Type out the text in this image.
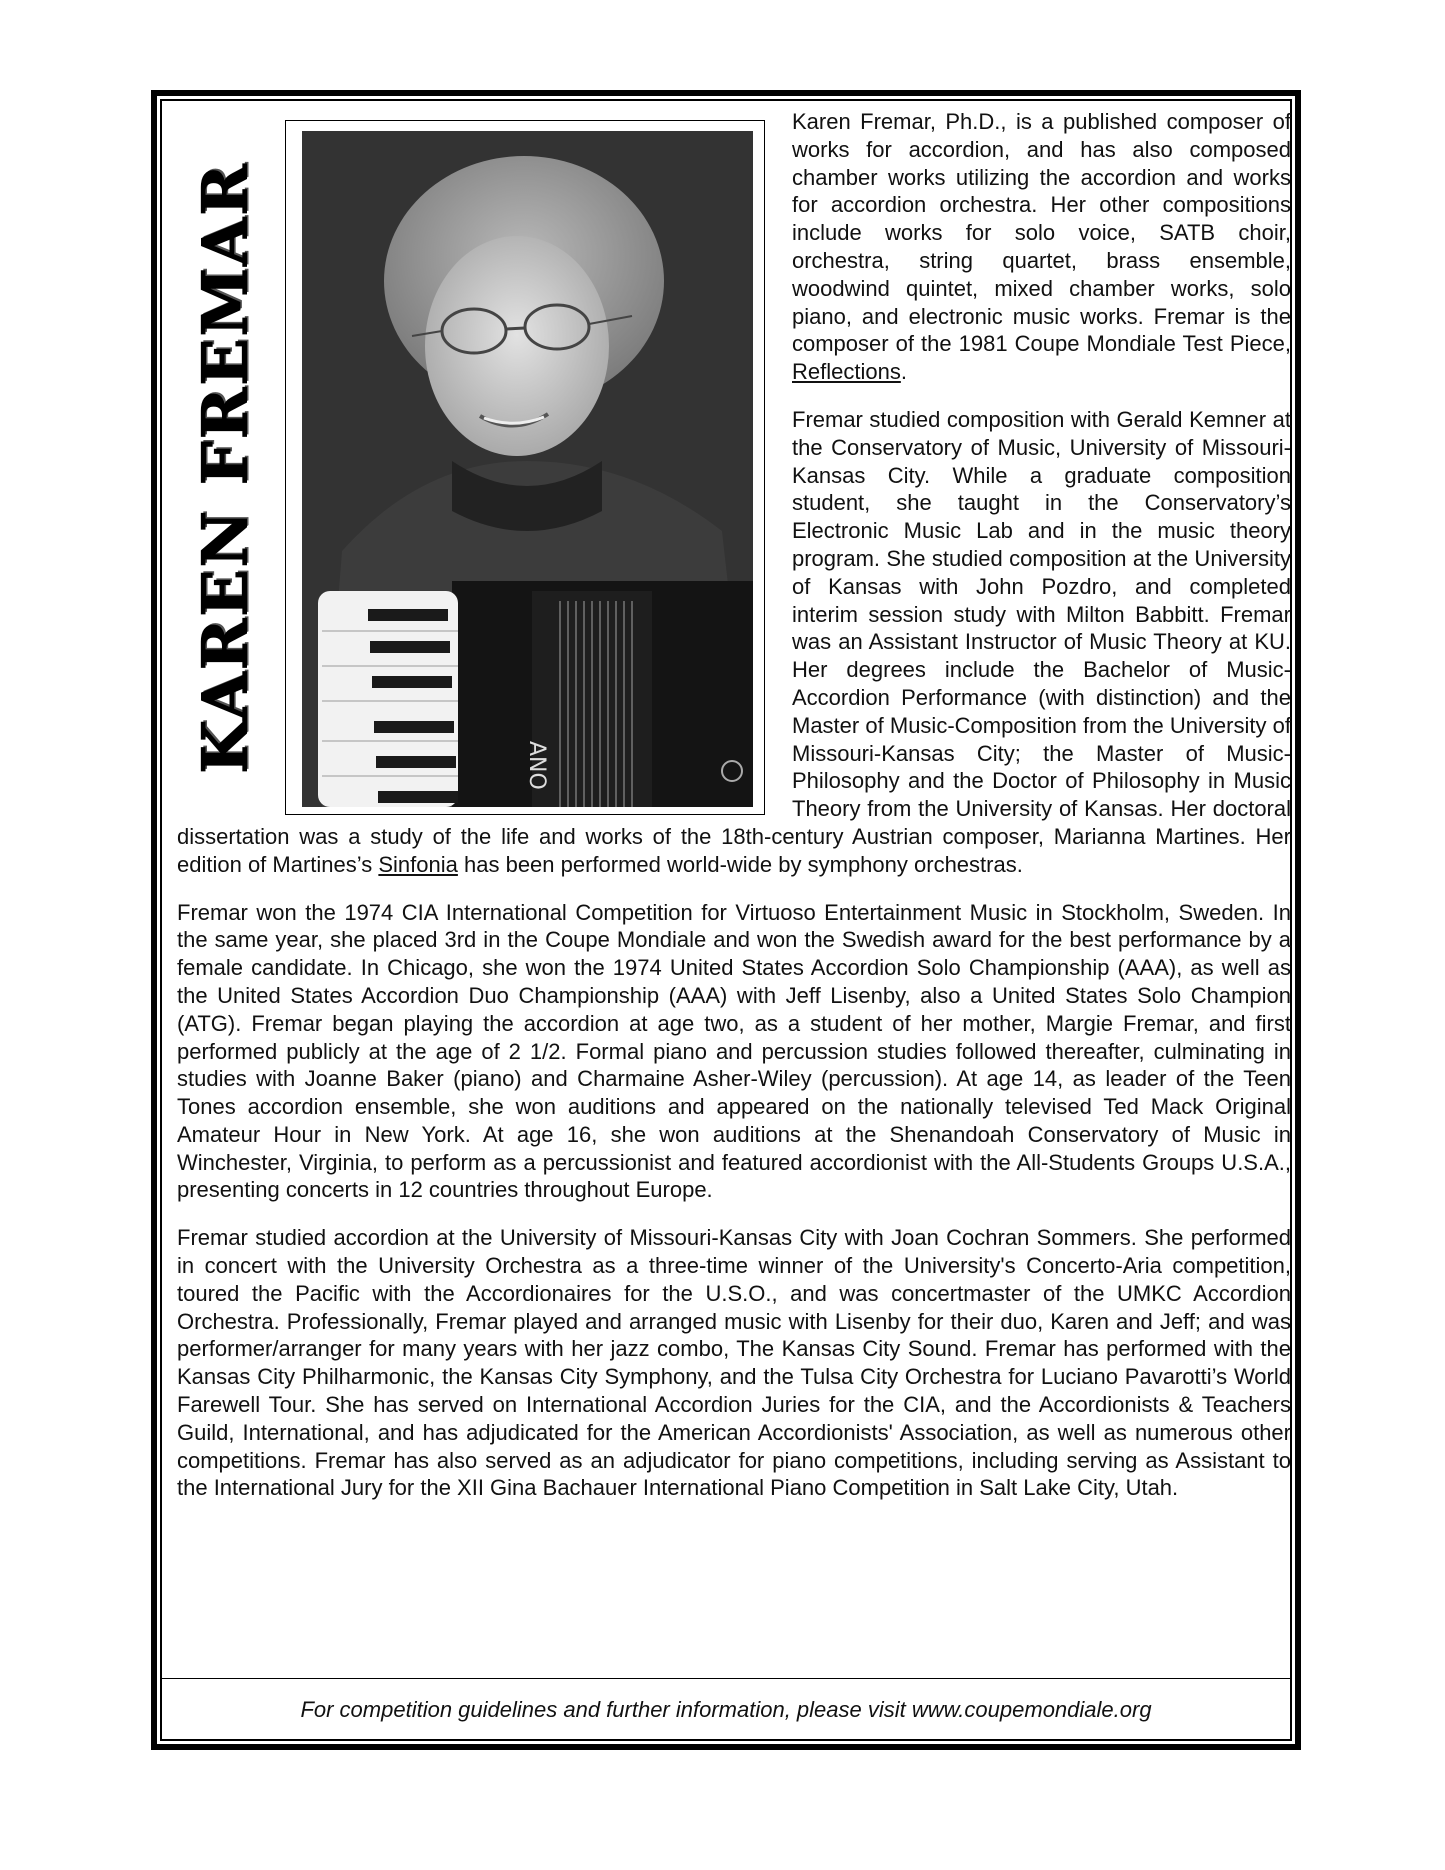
KAREN FREMAR	ANO

Karen Fremar, Ph.D., is a published composer of works for accordion, and has also composed chamber works utilizing the accordion and works for accordion orchestra. Her other compositions include works for solo voice, SATB choir, orchestra, string quartet, brass ensemble, woodwind quintet, mixed chamber works, solo piano, and electronic music works. Fremar is the composer of the 1981 Coupe Mondiale Test Piece, Reflections.

Fremar studied composition with Gerald Kemner at the Conservatory of Music, University of Missouri-Kansas City. While a graduate composition student, she taught in the Conservatory’s Electronic Music Lab and in the music theory program. She studied composition at the University of Kansas with John Pozdro, and completed interim session study with Milton Babbitt. Fremar was an Assistant Instructor of Music Theory at KU. Her degrees include the Bachelor of Music-Accordion Performance (with distinction) and the Master of Music-Composition from the University of Missouri-Kansas City; the Master of Music-Philosophy and the Doctor of Philosophy in Music Theory from the University of Kansas. Her doctoral dissertation was a study of the life and works of the 18th-century Austrian composer, Marianna Martines. Her edition of Martines’s Sinfonia has been performed world-wide by symphony orchestras.

Fremar won the 1974 CIA International Competition for Virtuoso Entertainment Music in Stockholm, Sweden. In the same year, she placed 3rd in the Coupe Mondiale and won the Swedish award for the best performance by a female candidate. In Chicago, she won the 1974 United States Accordion Solo Championship (AAA), as well as the United States Accordion Duo Championship (AAA) with Jeff Lisenby, also a United States Solo Champion (ATG). Fremar began playing the accordion at age two, as a student of her mother, Margie Fremar, and first performed publicly at the age of 2 1/2. Formal piano and percussion studies followed thereafter, culminating in studies with Joanne Baker (piano) and Charmaine Asher-Wiley (percussion). At age 14, as leader of the Teen Tones accordion ensemble, she won auditions and appeared on the nationally televised Ted Mack Original Amateur Hour in New York. At age 16, she won auditions at the Shenandoah Conservatory of Music in Winchester, Virginia, to perform as a percussionist and featured accordionist with the All-Students Groups U.S.A., presenting concerts in 12 countries throughout Europe.

Fremar studied accordion at the University of Missouri-Kansas City with Joan Cochran Sommers. She performed in concert with the University Orchestra as a three-time winner of the University's Concerto-Aria competition, toured the Pacific with the Accordionaires for the U.S.O., and was concertmaster of the UMKC Accordion Orchestra. Professionally, Fremar played and arranged music with Lisenby for their duo, Karen and Jeff; and was performer/arranger for many years with her jazz combo, The Kansas City Sound. Fremar has performed with the Kansas City Philharmonic, the Kansas City Symphony, and the Tulsa City Orchestra for Luciano Pavarotti’s World Farewell Tour. She has served on International Accordion Juries for the CIA, and the Accordionists & Teachers Guild, International, and has adjudicated for the American Accordionists' Association, as well as numerous other competitions. Fremar has also served as an adjudicator for piano competitions, including serving as Assistant to the International Jury for the XII Gina Bachauer International Piano Competition in Salt Lake City, Utah.

For competition guidelines and further information, please visit www.coupemondiale.org
